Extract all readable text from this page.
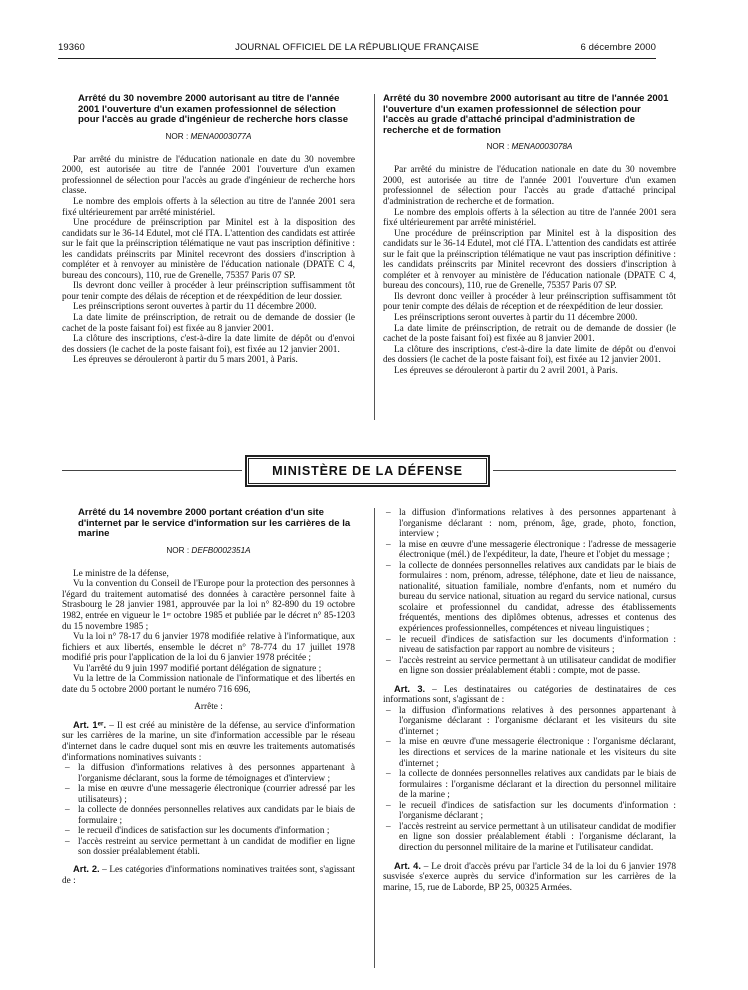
19360	JOURNAL OFFICIEL DE LA RÉPUBLIQUE FRANÇAISE	6 décembre 2000
Arrêté du 30 novembre 2000 autorisant au titre de l'année 2001 l'ouverture d'un examen professionnel de sélection pour l'accès au grade d'ingénieur de recherche hors classe
NOR : MENA0003077A

Par arrêté du ministre de l'éducation nationale en date du 30 novembre 2000, est autorisée au titre de l'année 2001 l'ouverture d'un examen professionnel de sélection pour l'accès au grade d'ingénieur de recherche hors classe.

Le nombre des emplois offerts à la sélection au titre de l'année 2001 sera fixé ultérieurement par arrêté ministériel.

Une procédure de préinscription par Minitel est à la disposition des candidats sur le 36-14 Edutel, mot clé ITA. L'attention des candidats est attirée sur le fait que la préinscription télématique ne vaut pas inscription définitive : les candidats préinscrits par Minitel recevront des dossiers d'inscription à compléter et à renvoyer au ministère de l'éducation nationale (DPATE C 4, bureau des concours), 110, rue de Grenelle, 75357 Paris 07 SP.

Ils devront donc veiller à procéder à leur préinscription suffisamment tôt pour tenir compte des délais de réception et de réexpédition de leur dossier.

Les préinscriptions seront ouvertes à partir du 11 décembre 2000.

La date limite de préinscription, de retrait ou de demande de dossier (le cachet de la poste faisant foi) est fixée au 8 janvier 2001.

La clôture des inscriptions, c'est-à-dire la date limite de dépôt ou d'envoi des dossiers (le cachet de la poste faisant foi), est fixée au 12 janvier 2001.

Les épreuves se dérouleront à partir du 5 mars 2001, à Paris.

Arrêté du 30 novembre 2000 autorisant au titre de l'année 2001 l'ouverture d'un examen professionnel de sélection pour l'accès au grade d'attaché principal d'administration de recherche et de formation
NOR : MENA0003078A

Par arrêté du ministre de l'éducation nationale en date du 30 novembre 2000, est autorisée au titre de l'année 2001 l'ouverture d'un examen professionnel de sélection pour l'accès au grade d'attaché principal d'administration de recherche et de formation.

Le nombre des emplois offerts à la sélection au titre de l'année 2001 sera fixé ultérieurement par arrêté ministériel.

Une procédure de préinscription par Minitel est à la disposition des candidats sur le 36-14 Edutel, mot clé ITA. L'attention des candidats est attirée sur le fait que la préinscription télématique ne vaut pas inscription définitive : les candidats préinscrits par Minitel recevront des dossiers d'inscription à compléter et à renvoyer au ministère de l'éducation nationale (DPATE C 4, bureau des concours), 110, rue de Grenelle, 75357 Paris 07 SP.

Ils devront donc veiller à procéder à leur préinscription suffisamment tôt pour tenir compte des délais de réception et de réexpédition de leur dossier.

Les préinscriptions seront ouvertes à partir du 11 décembre 2000.

La date limite de préinscription, de retrait ou de demande de dossier (le cachet de la poste faisant foi) est fixée au 8 janvier 2001.

La clôture des inscriptions, c'est-à-dire la date limite de dépôt ou d'envoi des dossiers (le cachet de la poste faisant foi), est fixée au 12 janvier 2001.

Les épreuves se dérouleront à partir du 2 avril 2001, à Paris.

MINISTÈRE DE LA DÉFENSE
Arrêté du 14 novembre 2000 portant création d'un site d'internet par le service d'information sur les carrières de la marine
NOR : DEFB0002351A

Le ministre de la défense,

Vu la convention du Conseil de l'Europe pour la protection des personnes à l'égard du traitement automatisé des données à caractère personnel faite à Strasbourg le 28 janvier 1981, approuvée par la loi n° 82-890 du 19 octobre 1982, entrée en vigueur le 1ᵉʳ octobre 1985 et publiée par le décret n° 85-1203 du 15 novembre 1985 ;

Vu la loi n° 78-17 du 6 janvier 1978 modifiée relative à l'informatique, aux fichiers et aux libertés, ensemble le décret n° 78-774 du 17 juillet 1978 modifié pris pour l'application de la loi du 6 janvier 1978 précitée ;

Vu l'arrêté du 9 juin 1997 modifié portant délégation de signature ;

Vu la lettre de la Commission nationale de l'informatique et des libertés en date du 5 octobre 2000 portant le numéro 716 696,

Arrête :

Art. 1ᵉʳ. – Il est créé au ministère de la défense, au service d'information sur les carrières de la marine, un site d'information accessible par le réseau d'internet dans le cadre duquel sont mis en œuvre les traitements automatisés d'informations nominatives suivants :

– la diffusion d'informations relatives à des personnes appartenant à l'organisme déclarant, sous la forme de témoignages et d'interview ;
– la mise en œuvre d'une messagerie électronique (courrier adressé par les utilisateurs) ;
– la collecte de données personnelles relatives aux candidats par le biais de formulaire ;
– le recueil d'indices de satisfaction sur les documents d'information ;
– l'accès restreint au service permettant à un candidat de modifier en ligne son dossier préalablement établi.

Art. 2. – Les catégories d'informations nominatives traitées sont, s'agissant de :

– la diffusion d'informations relatives à des personnes appartenant à l'organisme déclarant : nom, prénom, âge, grade, photo, fonction, interview ;
– la mise en œuvre d'une messagerie électronique : l'adresse de messagerie électronique (mél.) de l'expéditeur, la date, l'heure et l'objet du message ;
– la collecte de données personnelles relatives aux candidats par le biais de formulaires : nom, prénom, adresse, téléphone, date et lieu de naissance, nationalité, situation familiale, nombre d'enfants, nom et numéro du bureau du service national, situation au regard du service national, cursus scolaire et professionnel du candidat, adresse des établissements fréquentés, mentions des diplômes obtenus, adresses et contenus des expériences professionnelles, compétences et niveau linguistiques ;
– le recueil d'indices de satisfaction sur les documents d'information : niveau de satisfaction par rapport au nombre de visiteurs ;
– l'accès restreint au service permettant à un utilisateur candidat de modifier en ligne son dossier préalablement établi : compte, mot de passe.

Art. 3. – Les destinataires ou catégories de destinataires de ces informations sont, s'agissant de :

– la diffusion d'informations relatives à des personnes appartenant à l'organisme déclarant : l'organisme déclarant et les visiteurs du site d'internet ;
– la mise en œuvre d'une messagerie électronique : l'organisme déclarant, les directions et services de la marine nationale et les visiteurs du site d'internet ;
– la collecte de données personnelles relatives aux candidats par le biais de formulaires : l'organisme déclarant et la direction du personnel militaire de la marine ;
– le recueil d'indices de satisfaction sur les documents d'information : l'organisme déclarant ;
– l'accès restreint au service permettant à un utilisateur candidat de modifier en ligne son dossier préalablement établi : l'organisme déclarant, la direction du personnel militaire de la marine et l'utilisateur candidat.

Art. 4. – Le droit d'accès prévu par l'article 34 de la loi du 6 janvier 1978 susvisée s'exerce auprès du service d'information sur les carrières de la marine, 15, rue de Laborde, BP 25, 00325 Armées.
